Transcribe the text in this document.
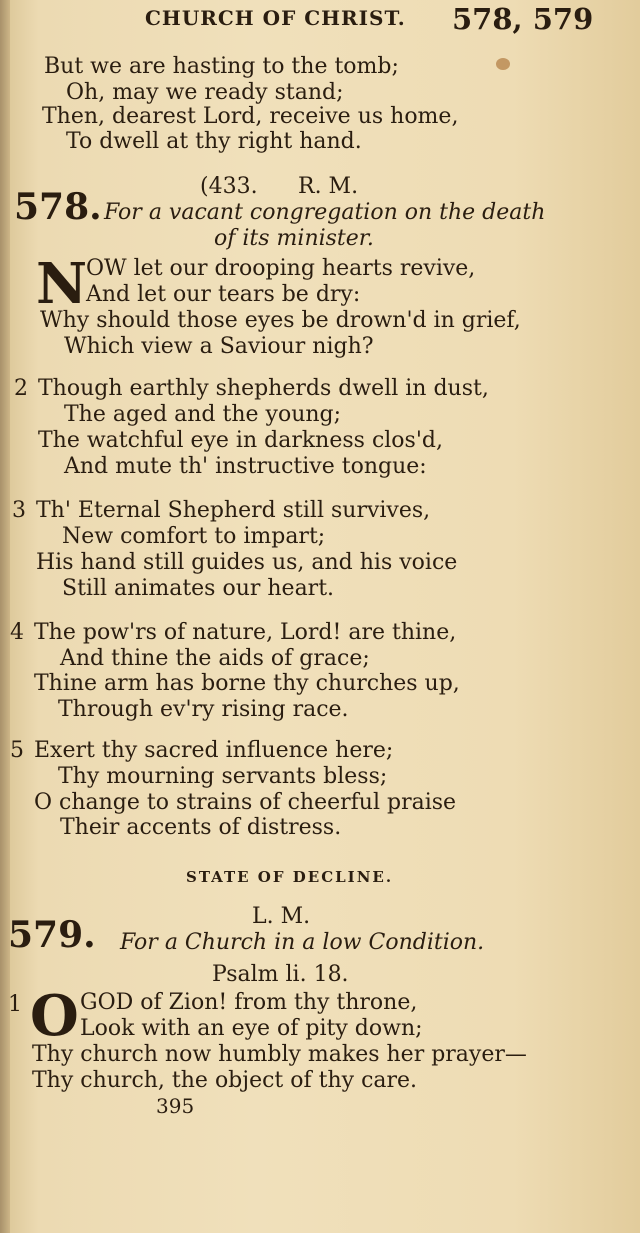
CHURCH OF CHRIST. 578, 579
But we are hasting to the tomb;
Oh, may we ready stand;
Then, dearest Lord, receive us home,
To dwell at thy right hand.
578.	(433. R. M.
For a vacant congregation on the death
of its minister.
N
OW let our drooping hearts revive,
And let our tears be dry:
Why should those eyes be drown'd in grief,
Which view a Saviour nigh?
2 Though earthly shepherds dwell in dust,
The aged and the young;
The watchful eye in darkness clos'd,
And mute th' instructive tongue:
3 Th' Eternal Shepherd still survives,
New comfort to impart;
His hand still guides us, and his voice
Still animates our heart.
4 The pow'rs of nature, Lord! are thine,
And thine the aids of grace;
Thine arm has borne thy churches up,
Through ev'ry rising race.
5 Exert thy sacred influence here;
Thy mourning servants bless;
O change to strains of cheerful praise
Their accents of distress.
STATE OF DECLINE.
579.	L. M.
For a Church in a low Condition.
Psalm li. 18.
1 O GOD of Zion! from thy throne,
Look with an eye of pity down;
Thy church now humbly makes her prayer—
Thy church, the object of thy care.
395
